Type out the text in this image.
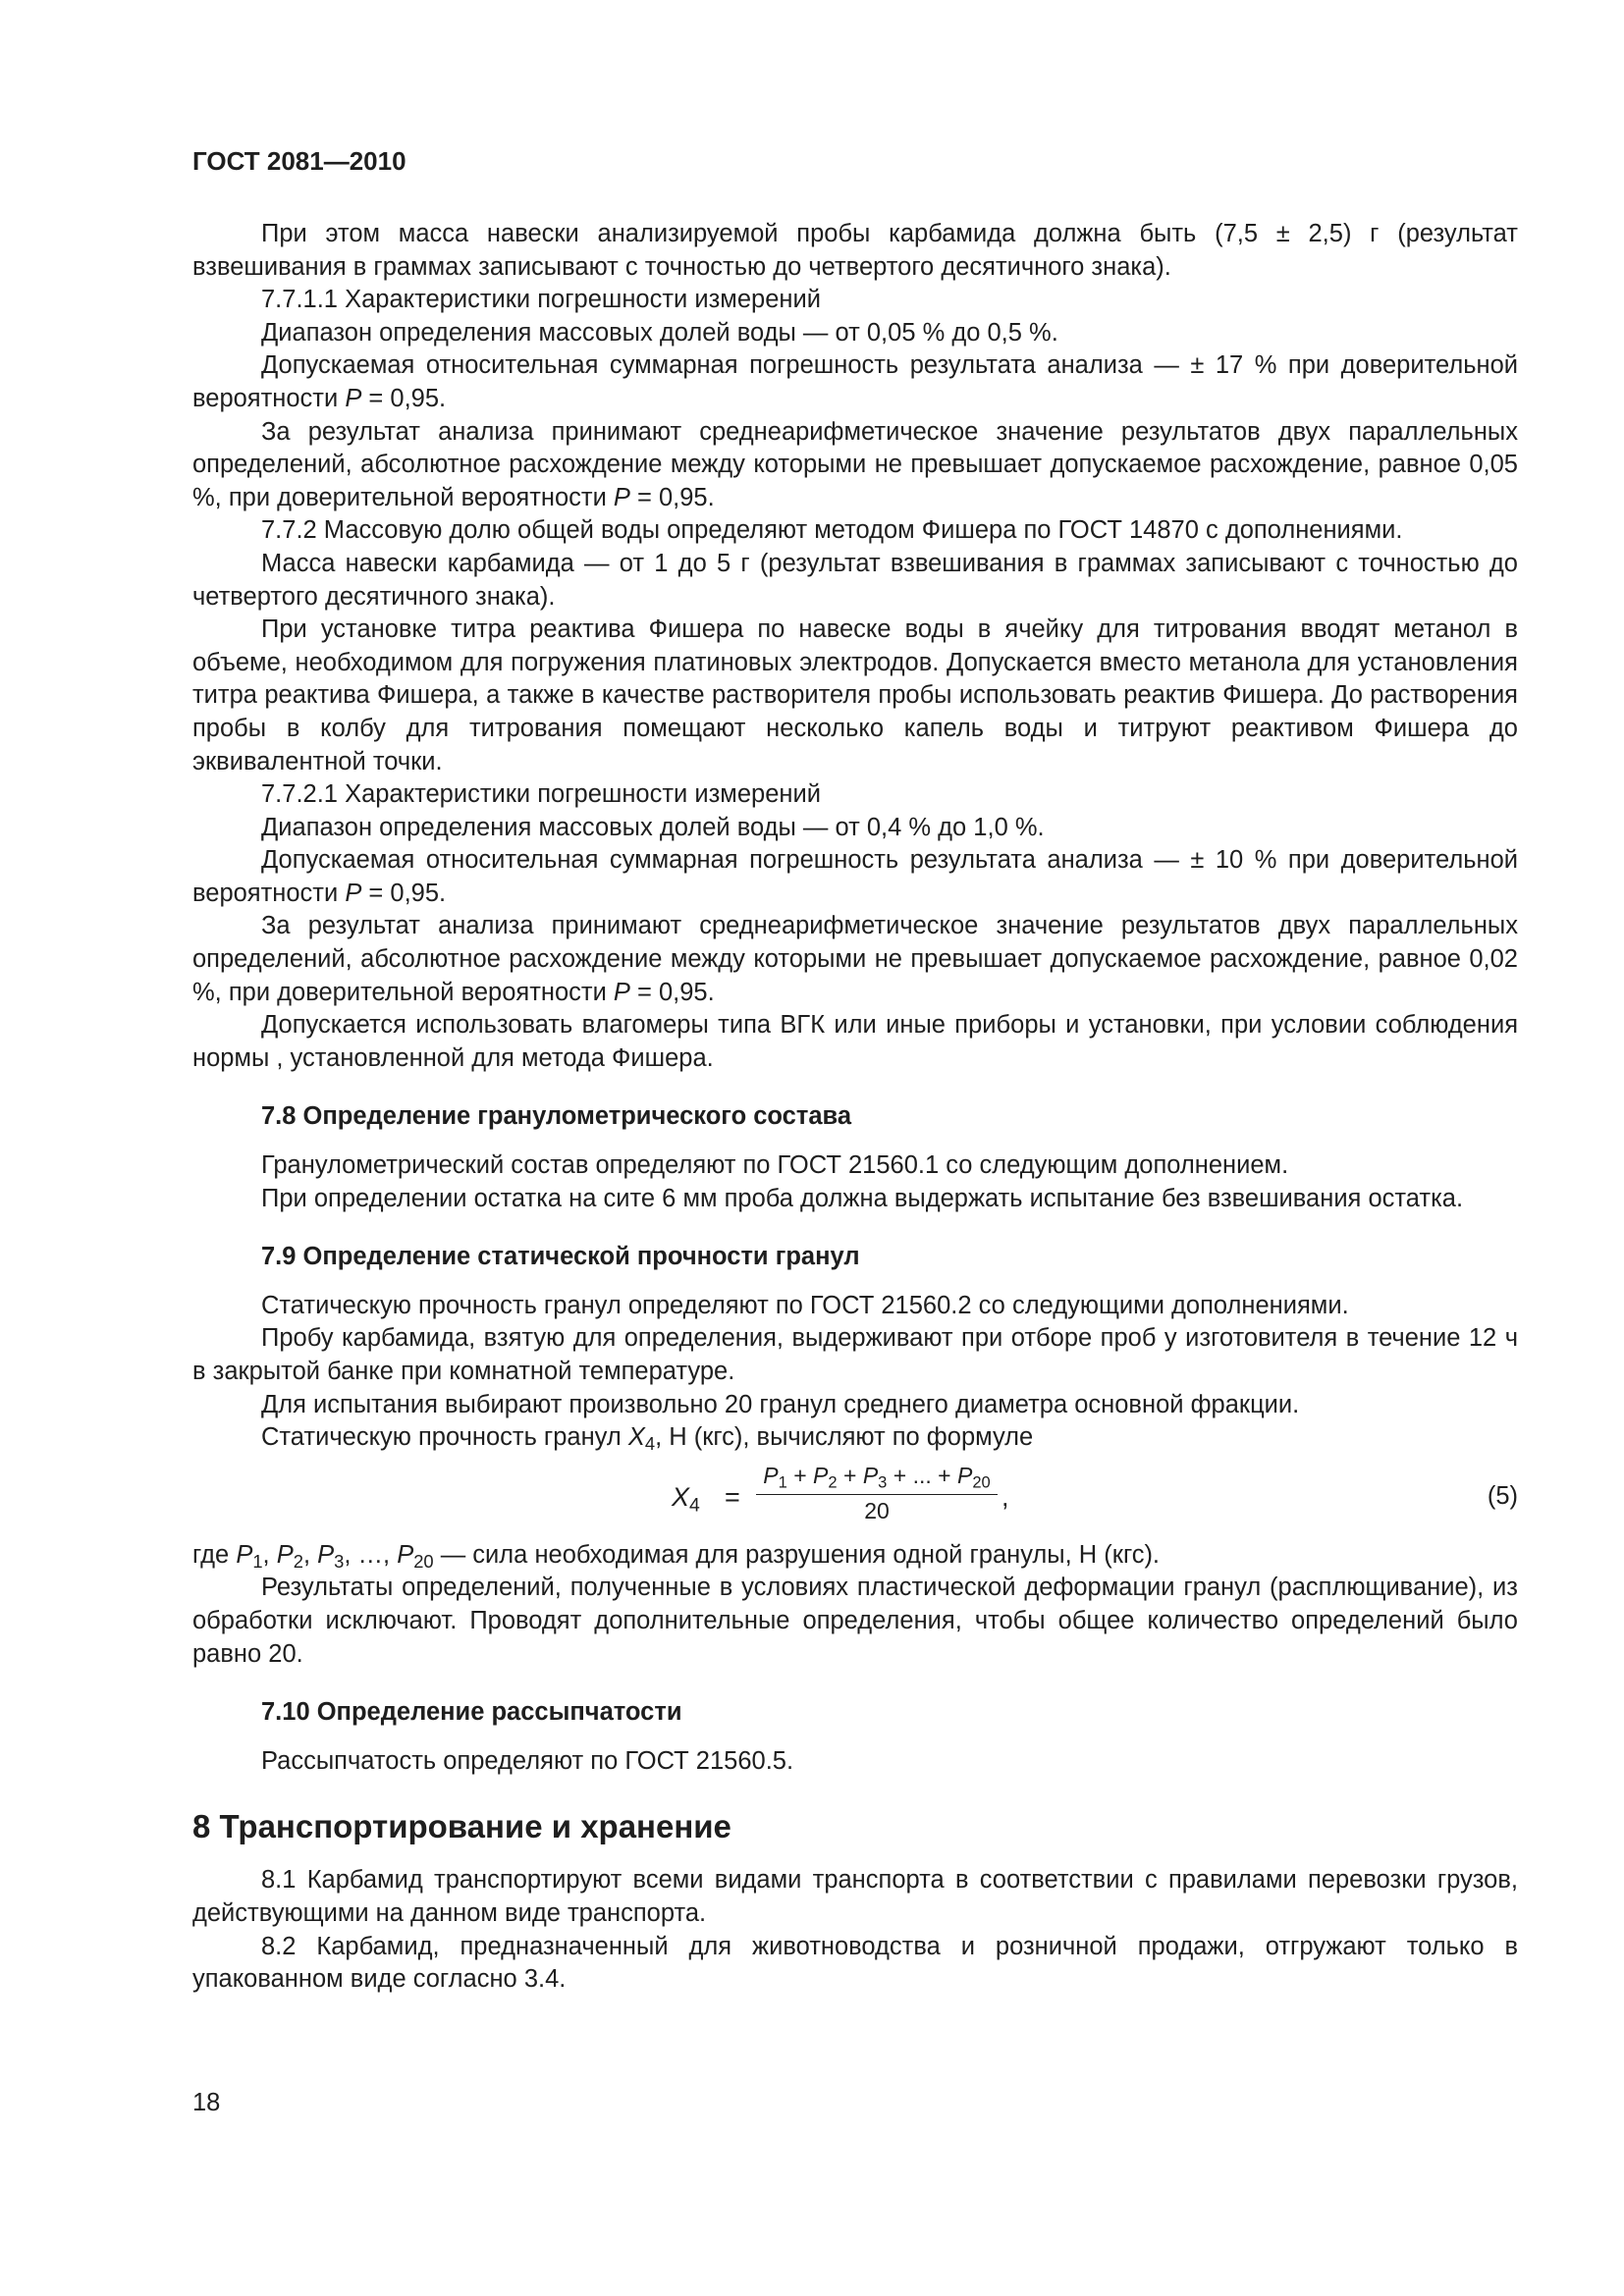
ГОСТ 2081—2010

При этом масса навески анализируемой пробы карбамида должна быть (7,5 ± 2,5) г (результат взвешивания в граммах записывают с точностью до четвертого десятичного знака).

7.7.1.1 Характеристики погрешности измерений

Диапазон определения массовых долей воды — от 0,05 % до 0,5 %.

Допускаемая относительная суммарная погрешность результата анализа — ± 17 % при доверительной вероятности P = 0,95.

За результат анализа принимают среднеарифметическое значение результатов двух параллельных определений, абсолютное расхождение между которыми не превышает допускаемое расхождение, равное 0,05 %, при доверительной вероятности P = 0,95.

7.7.2 Массовую долю общей воды определяют методом Фишера по ГОСТ 14870 с дополнениями.

Масса навески карбамида — от 1 до 5 г (результат взвешивания в граммах записывают с точностью до четвертого десятичного знака).

При установке титра реактива Фишера по навеске воды в ячейку для титрования вводят метанол в объеме, необходимом для погружения платиновых электродов. Допускается вместо метанола для установления титра реактива Фишера, а также в качестве растворителя пробы использовать реактив Фишера. До растворения пробы в колбу для титрования помещают несколько капель воды и титруют реактивом Фишера до эквивалентной точки.

7.7.2.1 Характеристики погрешности измерений

Диапазон определения массовых долей воды — от 0,4 % до 1,0 %.

Допускаемая относительная суммарная погрешность результата анализа — ± 10 % при доверительной вероятности P = 0,95.

За результат анализа принимают среднеарифметическое значение результатов двух параллельных определений, абсолютное расхождение между которыми не превышает допускаемое расхождение, равное 0,02 %, при доверительной вероятности P = 0,95.

Допускается использовать влагомеры типа ВГК или иные приборы и установки, при условии соблюдения нормы , установленной для метода Фишера.

7.8 Определение гранулометрического состава

Гранулометрический состав определяют по ГОСТ 21560.1 со следующим дополнением.

При определении остатка на сите 6 мм проба должна выдержать испытание без взвешивания остатка.

7.9 Определение статической прочности гранул

Статическую прочность гранул определяют по ГОСТ 21560.2 со следующими дополнениями.

Пробу карбамида, взятую для определения, выдерживают при отборе проб у изготовителя в течение 12 ч в закрытой банке при комнатной температуре.

Для испытания выбирают произвольно 20 гранул среднего диаметра основной фракции.

Статическую прочность гранул $X_4$, Н (кгс), вычисляют по формуле

$X_4 = \frac{P_1 + P_2 + P_3 + ... + P_{20}}{20}$ ,	(5)

где $P_1$, $P_2$, $P_3$, …, $P_{20}$ — сила необходимая для разрушения одной гранулы, Н (кгс).

Результаты определений, полученные в условиях пластической деформации гранул (расплющивание), из обработки исключают. Проводят дополнительные определения, чтобы общее количество определений было равно 20.

7.10 Определение рассыпчатости

Рассыпчатость определяют по ГОСТ 21560.5.

8 Транспортирование и хранение

8.1 Карбамид транспортируют всеми видами транспорта в соответствии с правилами перевозки грузов, действующими на данном виде транспорта.

8.2 Карбамид, предназначенный для животноводства и розничной продажи, отгружают только в упакованном виде согласно 3.4.

18
